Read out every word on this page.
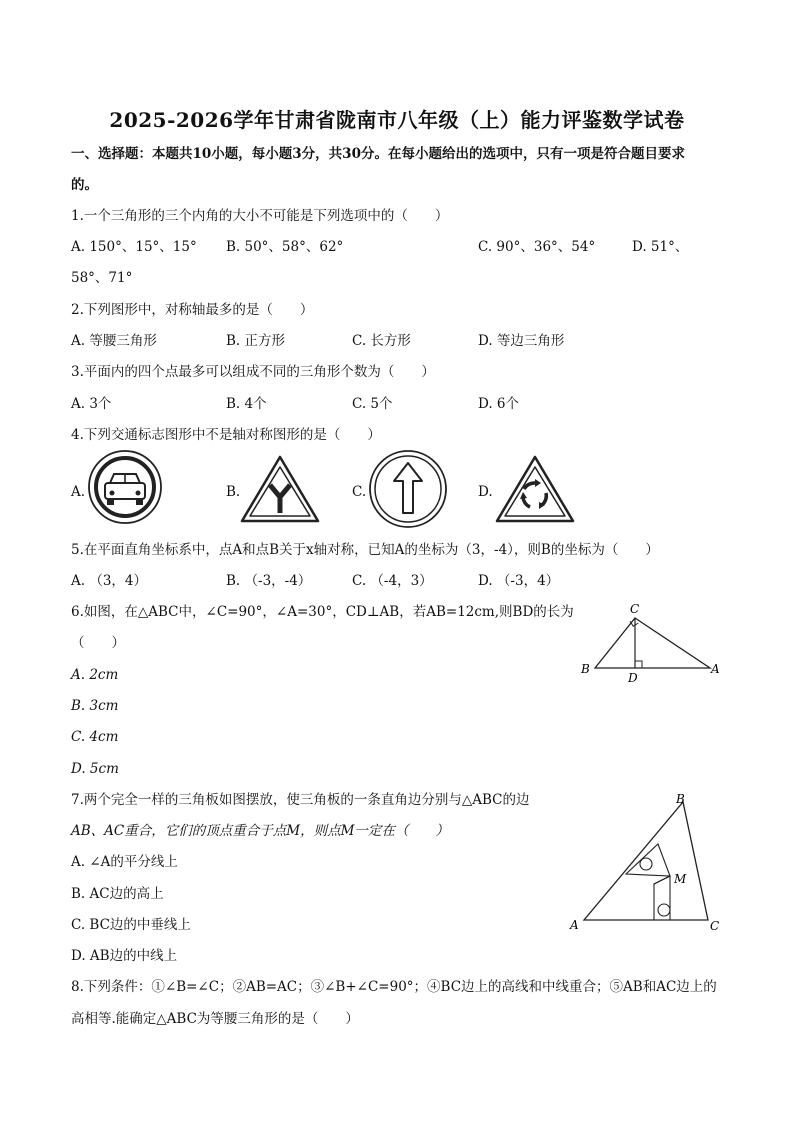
2025-2026学年甘肃省陇南市八年级（上）能力评鉴数学试卷
一、选择题：本题共10小题，每小题3分，共30分。在每小题给出的选项中，只有一项是符合题目要求
的。
1.一个三角形的三个内角的大小不可能是下列选项中的（　　）
A. 150°、15°、15° B. 50°、58°、62°	C. 90°、36°、54°	D. 51°、
58°、71°
2.下列图形中，对称轴最多的是（　　）
A. 等腰三角形	B. 正方形	C. 长方形	D. 等边三角形
3.平面内的四个点最多可以组成不同的三角形个数为（　　）
A. 3个	B. 4个	C. 5个	D. 6个
4.下列交通标志图形中不是轴对称图形的是（　　）
A.	B.	C.	D.
5.在平面直角坐标系中，点A和点B关于x轴对称，已知A的坐标为（3，-4），则B的坐标为（　　）
A. （3，4）	B. （-3，-4）	C. （-4，3）	D. （-3，4）
6.如图，在△ABC中，∠C=90°，∠A=30°，CD⊥AB，若AB=12cm,则BD的长为
（　　）
A. 2cm
B. 3cm
C. 4cm
D. 5cm
C
B
D
A
7.两个完全一样的三角板如图摆放，使三角板的一条直角边分别与△ABC的边
AB、AC重合，它们的顶点重合于点M，则点M一定在（　　）
A. ∠A的平分线上
B. AC边的高上
C. BC边的中垂线上
D. AB边的中线上
B
M
A	C
8.下列条件：①∠B=∠C；②AB=AC；③∠B+∠C=90°；④BC边上的高线和中线重合；⑤AB和AC边上的
高相等.能确定△ABC为等腰三角形的是（　　）
